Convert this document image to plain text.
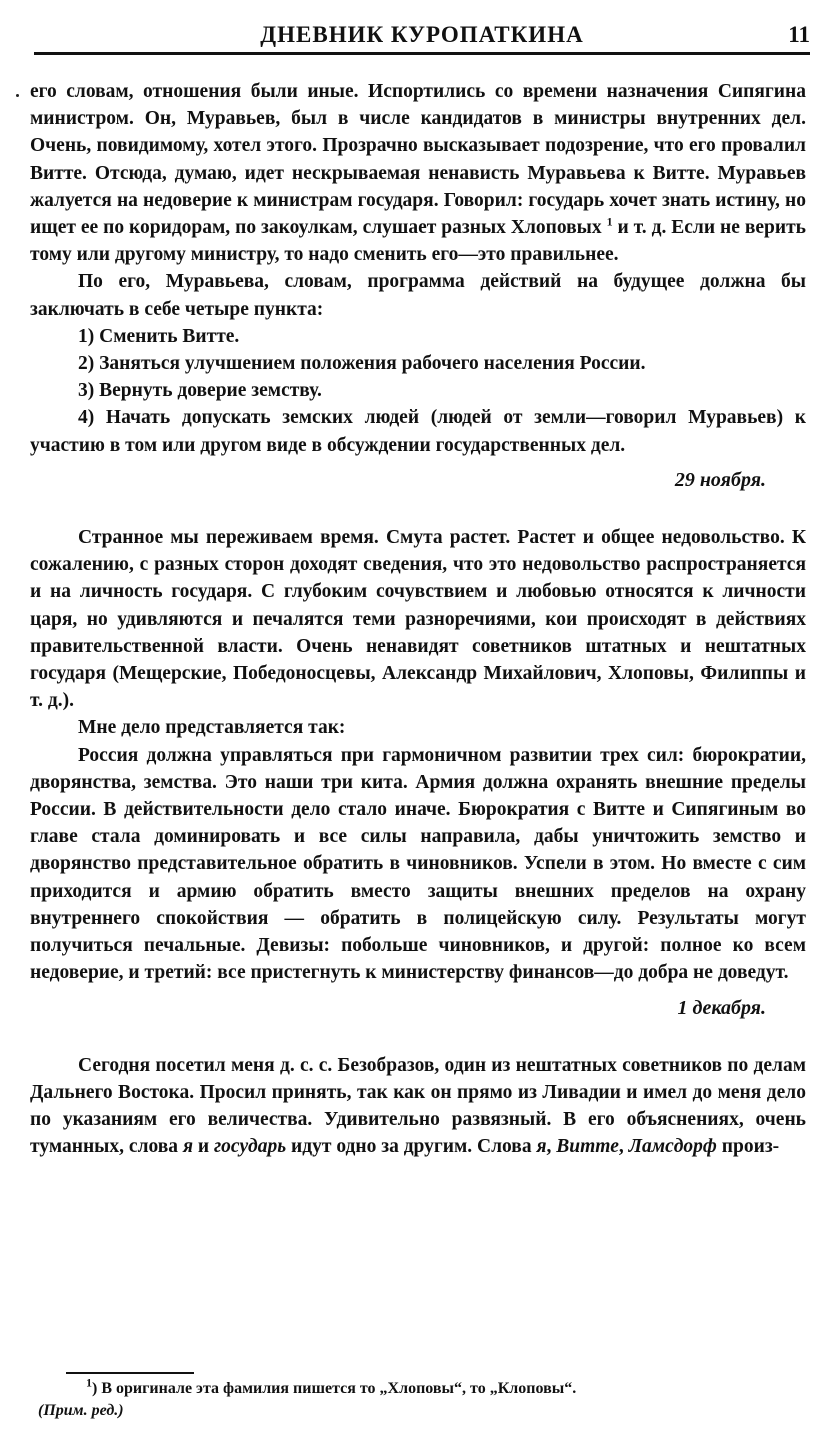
ДНЕВНИК КУРОПАТКИНА	11

его словам, отношения были иные. Испортились со времени назначения Сипягина министром. Он, Муравьев, был в числе кандидатов в министры внутренних дел. Очень, повидимому, хотел этого. Прозрачно высказывает подозрение, что его провалил Витте. Отсюда, думаю, идет нескрываемая ненависть Муравьева к Витте. Муравьев жалуется на недоверие к министрам государя. Говорил: государь хочет знать истину, но ищет ее по коридорам, по закоулкам, слушает разных Хлоповых $^1$ и т. д. Если не верить тому или другому министру, то надо сменить его—это правильнее.

По его, Муравьева, словам, программа действий на будущее должна бы заключать в себе четыре пункта:

1) Сменить Витте.

2) Заняться улучшением положения рабочего населения России.

3) Вернуть доверие земству.

4) Начать допускать земских людей (людей от земли—говорил Муравьев) к участию в том или другом виде в обсуждении государственных дел.

29 ноября.

Странное мы переживаем время. Смута растет. Растет и общее недовольство. К сожалению, с разных сторон доходят сведения, что это недовольство распространяется и на личность государя. С глубоким сочувствием и любовью относятся к личности царя, но удивляются и печалятся теми разноречиями, кои происходят в действиях правительственной власти. Очень ненавидят советников штатных и нештатных государя (Мещерские, Победоносцевы, Александр Михайлович, Хлоповы, Филиппы и т. д.).

Мне дело представляется так:

Россия должна управляться при гармоничном развитии трех сил: бюрократии, дворянства, земства. Это наши три кита. Армия должна охранять внешние пределы России. В действительности дело стало иначе. Бюрократия с Витте и Сипягиным во главе стала доминировать и все силы направила, дабы уничтожить земство и дворянство представительное обратить в чиновников. Успели в этом. Но вместе с сим приходится и армию обратить вместо защиты внешних пределов на охрану внутреннего спокойствия — обратить в полицейскую силу. Результаты могут получиться печальные. Девизы: побольше чиновников, и другой: полное ко всем недоверие, и третий: все пристегнуть к министерству финансов—до добра не доведут.

1 декабря.

Сегодня посетил меня д. с. с. Безобразов, один из нештатных советников по делам Дальнего Востока. Просил принять, так как он прямо из Ливадии и имел до меня дело по указаниям его величества. Удивительно развязный. В его объяснениях, очень туманных, слова я и государь идут одно за другим. Слова я, Витте, Ламсдорф произ-

$^1$) В оригинале эта фамилия пишется то „Хлоповы“, то „Клоповы“.
(Прим. ред.)
